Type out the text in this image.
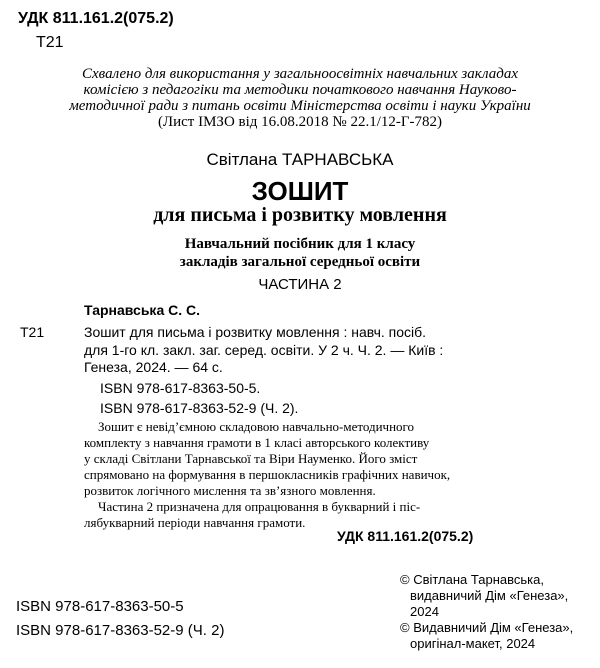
УДК 811.161.2(075.2)
Т21
Схвалено для використання у загальноосвітніх навчальних закладах
комісією з педагогіки та методики початкового навчання Науково-
методичної ради з питань освіти Міністерства освіти і науки України
(Лист ІМЗО від 16.08.2018 № 22.1/12-Г-782)
Світлана ТАРНАВСЬКА
ЗОШИТ
для письма і розвитку мовлення
Навчальний посібник для 1 класу
закладів загальної середньої освіти
ЧАСТИНА 2
Тарнавська С. С.
Т21	Зошит для письма і розвитку мовлення : навч. посіб.
для 1-го кл. закл. заг. серед. освіти. У 2 ч. Ч. 2. — Київ :
Генеза, 2024. — 64 с.
ISBN 978-617-8363-50-5.
ISBN 978-617-8363-52-9 (Ч. 2).
Зошит є невід’ємною складовою навчально-методичного
комплекту з навчання грамоти в 1 класі авторського колективу
у складі Світлани Тарнавської та Віри Науменко. Його зміст
спрямовано на формування в першокласників графічних навичок,
розвиток логічного мислення та зв’язного мовлення.
Частина 2 призначена для опрацювання в букварний і піс-
лябукварний періоди навчання грамоти.
УДК 811.161.2(075.2)
ISBN 978-617-8363-50-5
ISBN 978-617-8363-52-9 (Ч. 2)
© Світлана Тарнавська,
видавничий Дім «Генеза»,
2024
© Видавничий Дім «Генеза»,
оригінал-макет, 2024
